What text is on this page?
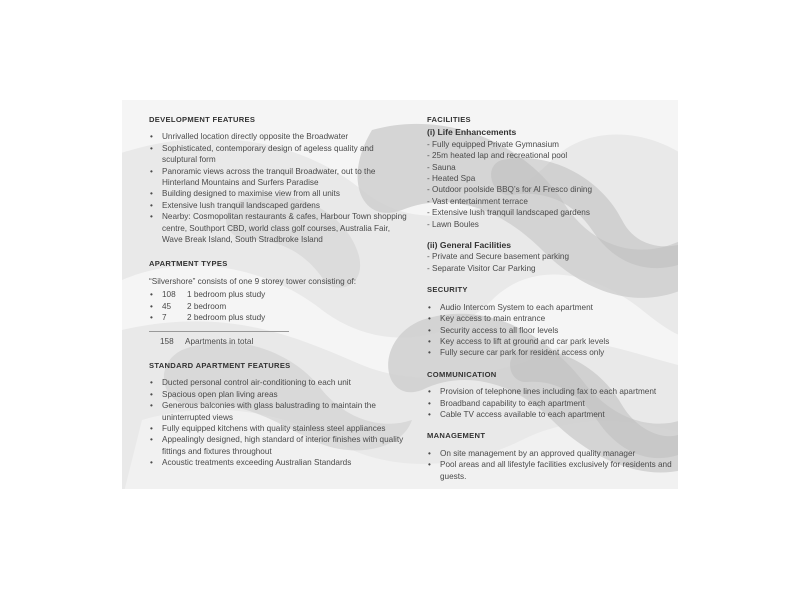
DEVELOPMENT FEATURES
• Unrivalled location directly opposite the Broadwater
• Sophisticated, contemporary design of ageless quality and sculptural form
• Panoramic views across the tranquil Broadwater, out to the Hinterland Mountains and Surfers Paradise
• Building designed to maximise view from all units
• Extensive lush tranquil landscaped gardens
• Nearby: Cosmopolitan restaurants & cafes, Harbour Town shopping centre, Southport CBD, world class golf courses, Australia Fair, Wave Break Island, South Stradbroke Island
APARTMENT TYPES

“Silvershore” consists of one 9 storey tower consisting of:

• 108	1 bedroom plus study
• 45	2 bedroom
• 7	2 bedroom plus study
158	Apartments in total
STANDARD APARTMENT FEATURES
• Ducted personal control air-conditioning to each unit
• Spacious open plan living areas
• Generous balconies with glass balustrading to maintain the uninterrupted views
• Fully equipped kitchens with quality stainless steel appliances
• Appealingly designed, high standard of interior finishes with quality fittings and fixtures throughout
• Acoustic treatments exceeding Australian Standards
FACILITIES

(i) Life Enhancements

- Fully equipped Private Gymnasium
- 25m heated lap and recreational pool
- Sauna
- Heated Spa
- Outdoor poolside BBQ’s for Al Fresco dining
- Vast entertainment terrace
- Extensive lush tranquil landscaped gardens
- Lawn Boules

(ii) General Facilities

- Private and Secure basement parking
- Separate Visitor Car Parking
SECURITY
• Audio Intercom System to each apartment
• Key access to main entrance
• Security access to all floor levels
• Key access to lift at ground and car park levels
• Fully secure car park for resident access only
COMMUNICATION
• Provision of telephone lines including fax to each apartment
• Broadband capability to each apartment
• Cable TV access available to each apartment
MANAGEMENT
• On site management by an approved quality manager
• Pool areas and all lifestyle facilities exclusively for residents and guests.
